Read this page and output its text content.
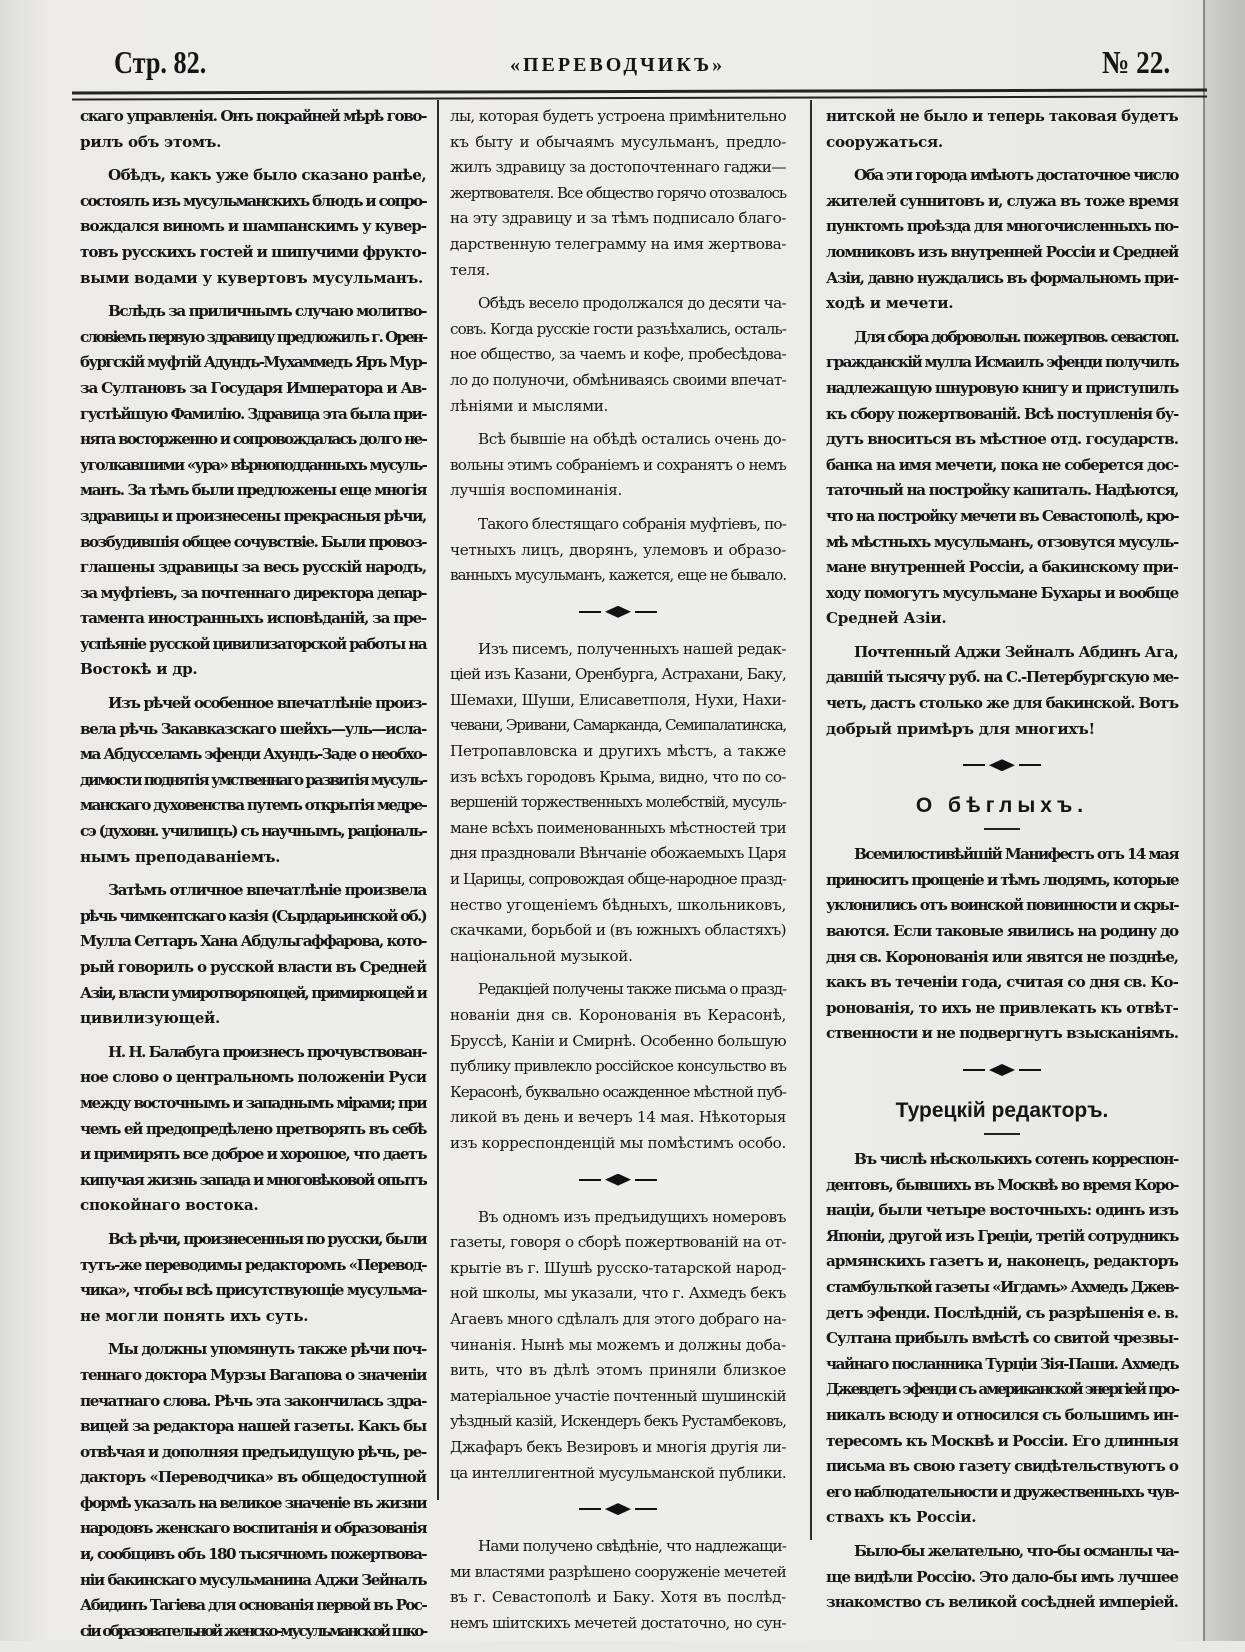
Стр. 82.	«ПЕРЕВОДЧИКЪ»	№ 22.
скаго управленія. Онъ покрайней мѣрѣ гово-
рилъ объ этомъ.
Обѣдъ, какъ уже было сказано ранѣе,
состоялъ изъ мусульманскихъ блюдъ и сопро-
вождался виномъ и шампанскимъ у кувер-
товъ русскихъ гостей и шипучими фрукто-
выми водами у кувертовъ мусульманъ.
Вслѣдъ за приличнымъ случаю молитво-
словіемъ первую здравицу предложилъ г. Орен-
бургскій муфтій Адундъ-Мухаммедъ Яръ Мур-
за Султановъ за Государя Императора и Ав-
густѣйшую Фамилію. Здравица эта была при-
нята восторженно и сопровождалась долго не-
уголкавшими «ура» вѣрноподданныхъ мусуль-
манъ. За тѣмъ были предложены еще многія
здравицы и произнесены прекрасныя рѣчи,
возбудившія общее сочувствіе. Были провоз-
глашены здравицы за весь русскій народъ,
за муфтіевъ, за почтеннаго директора депар-
тамента иностранныхъ исповѣданій, за пре-
успѣяніе русской цивилизаторской работы на
Востокѣ и др.
Изъ рѣчей особенное впечатлѣніе произ-
вела рѣчь Закавказскаго шейхъ—уль—исла-
ма Абдусселамъ эфенди Ахундъ-Заде о необхо-
димости поднятія умственнаго развитія мусуль-
манскаго духовенства путемъ открытія медре-
сэ (духовн. училищъ) съ научнымъ, раціональ-
нымъ преподаваніемъ.
Затѣмъ отличное впечатлѣніе произвела
рѣчь чимкентскаго казія (Сырдарьинской об.)
Мулла Сеттаръ Хана Абдульгаффарова, кото-
рый говорилъ о русской власти въ Средней
Азіи, власти умиротворяющей, примирющей и
цивилизующей.
Н. Н. Балабуга произнесъ прочувствован-
ное слово о центральномъ положеніи Руси
между восточнымъ и западнымъ мірами; при
чемъ ей предопредѣлено претворять въ себѣ
и примирять все доброе и хорошое, что даетъ
кипучая жизнь запада и многовѣковой опытъ
спокойнаго востока.
Всѣ рѣчи, произнесенныя по русски, были
тутъ-же переводимы редакторомъ «Перевод-
чика», чтобы всѣ присутствующіе мусульма-
не могли понять ихъ суть.
Мы должны упомянуть также рѣчи поч-
теннаго доктора Мурзы Вагапова о значеніи
печатнаго слова. Рѣчь эта закончилась здра-
вицей за редактора нашей газеты. Какъ бы
отвѣчая и дополняя предъидущую рѣчь, ре-
дакторъ «Переводчика» въ общедоступной
формѣ указалъ на великое значеніе въ жизни
народовъ женскаго воспитанія и образованія
и, сообщивъ объ 180 тысячномъ пожертвова-
ніи бакинскаго мусульманина Аджи Зейналъ
Абидинъ Тагіева для основанія первой въ Рос-
сіи образовательной женско-мусульманской шко-
лы, которая будетъ устроена примѣнительно
къ быту и обычаямъ мусульманъ, предло-
жилъ здравицу за достопочтеннаго гаджи—
жертвователя. Все общество горячо отозвалось
на эту здравицу и за тѣмъ подписало благо-
дарственную телеграмму на имя жертвова-
теля.
Обѣдъ весело продолжался до десяти ча-
совъ. Когда русскіе гости разъѣхались, осталь-
ное общество, за чаемъ и кофе, пробесѣдова-
ло до полуночи, обмѣниваясь своими впечат-
лѣніями и мыслями.
Всѣ бывшіе на обѣдѣ остались очень до-
вольны этимъ собраніемъ и сохранятъ о немъ
лучшія воспоминанія.
Такого блестящаго собранія муфтіевъ, по-
четныхъ лицъ, дворянъ, улемовъ и образо-
ванныхъ мусульманъ, кажется, еще не бывало.
Изъ писемъ, полученныхъ нашей редак-
ціей изъ Казани, Оренбурга, Астрахани, Баку,
Шемахи, Шуши, Елисаветполя, Нухи, Нахи-
чевани, Эривани, Самарканда, Семипалатинска,
Петропавловска и другихъ мѣстъ, а также
изъ всѣхъ городовъ Крыма, видно, что по со-
вершеній торжественныхъ молебствій, мусуль-
мане всѣхъ поименованныхъ мѣстностей три
дня праздновали Вѣнчаніе обожаемыхъ Царя
и Царицы, сопровождая обще-народное празд-
нество угощеніемъ бѣдныхъ, школьниковъ,
скачками, борьбой и (въ южныхъ областяхъ)
національной музыкой.
Редакціей получены также письма о празд-
нованіи дня св. Коронованія въ Керасонѣ,
Бруссѣ, Каніи и Смирнѣ. Особенно большую
публику привлекло россійское консульство въ
Керасонѣ, буквально осажденное мѣстной пуб-
ликой въ день и вечеръ 14 мая. Нѣкоторыя
изъ корреспонденцій мы помѣстимъ особо.
Въ одномъ изъ предъидущихъ номеровъ
газеты, говоря о сборѣ пожертвованій на от-
крытіе въ г. Шушѣ русско-татарской народ-
ной школы, мы указали, что г. Ахмедъ бекъ
Агаевъ много сдѣлалъ для этого добраго на-
чинанія. Нынѣ мы можемъ и должны доба-
вить, что въ дѣлѣ этомъ приняли близкое
матеріальное участіе почтенный шушинскій
уѣздный казій, Искендеръ бекъ Рустамбековъ,
Джафаръ бекъ Везировъ и многія другія ли-
ца интеллигентной мусульманской публики.
Нами получено свѣдѣніе, что надлежащи-
ми властями разрѣшено сооруженіе мечетей
въ г. Севастополѣ и Баку. Хотя въ послѣд-
немъ шіитскихъ мечетей достаточно, но сун-
нитской не было и теперь таковая будетъ
сооружаться.
Оба эти города имѣютъ достаточное число
жителей суннитовъ и, служа въ тоже время
пунктомъ проѣзда для многочисленныхъ по-
ломниковъ изъ внутренней Россіи и Средней
Азіи, давно нуждались въ формальномъ при-
ходѣ и мечети.
Для сбора добровольн. пожертвов. севастоп.
гражданскій мулла Исмаилъ эфенди получилъ
надлежащую шнуровую книгу и приступилъ
къ сбору пожертвованій. Всѣ поступленія бу-
дутъ вноситься въ мѣстное отд. государств.
банка на имя мечети, пока не соберется дос-
таточный на постройку капиталъ. Надѣются,
что на постройку мечети въ Севастополѣ, кро-
мѣ мѣстныхъ мусульманъ, отзовутся мусуль-
мане внутренней Россіи, а бакинскому при-
ходу помогутъ мусульмане Бухары и вообще
Средней Азіи.
Почтенный Аджи Зейналъ Абдинъ Ага,
давшій тысячу руб. на С.-Петербургскую ме-
четь, дастъ столько же для бакинской. Вотъ
добрый примѣръ для многихъ!
О бѣглыхъ.
Всемилостивѣйшій Манифестъ отъ 14 мая
приноситъ прощеніе и тѣмъ людямъ, которые
уклонились отъ воинской повинности и скры-
ваются. Если таковые явились на родину до
дня св. Коронованія или явятся не позднѣе,
какъ въ теченіи года, считая со дня св. Ко-
ронованія, то ихъ не привлекать къ отвѣт-
ственности и не подвергнутъ взысканіямъ.
Турецкій редакторъ.
Въ числѣ нѣсколькихъ сотенъ корреспон-
дентовъ, бывшихъ въ Москвѣ во время Коро-
націи, были четыре восточныхъ: одинъ изъ
Японіи, другой изъ Греціи, третій сотрудникъ
армянскихъ газетъ и, наконецъ, редакторъ
стамбульткой газеты «Игдамъ» Ахмедъ Джев-
детъ эфенди. Послѣдній, съ разрѣшенія е. в.
Султана прибылъ вмѣстѣ со свитой чрезвы-
чайнаго посланника Турціи Зія-Паши. Ахмедъ
Джевдетъ эфенди съ американской энергіей про-
никалъ всюду и относился съ большимъ ин-
тересомъ къ Москвѣ и Россіи. Его длинныя
письма въ свою газету свидѣтельствуютъ о
его наблюдательности и дружественныхъ чув-
ствахъ къ Россіи.
Было-бы желательно, что-бы османлы ча-
ще видѣли Россію. Это дало-бы имъ лучшее
знакомство съ великой сосѣдней имперіей.
